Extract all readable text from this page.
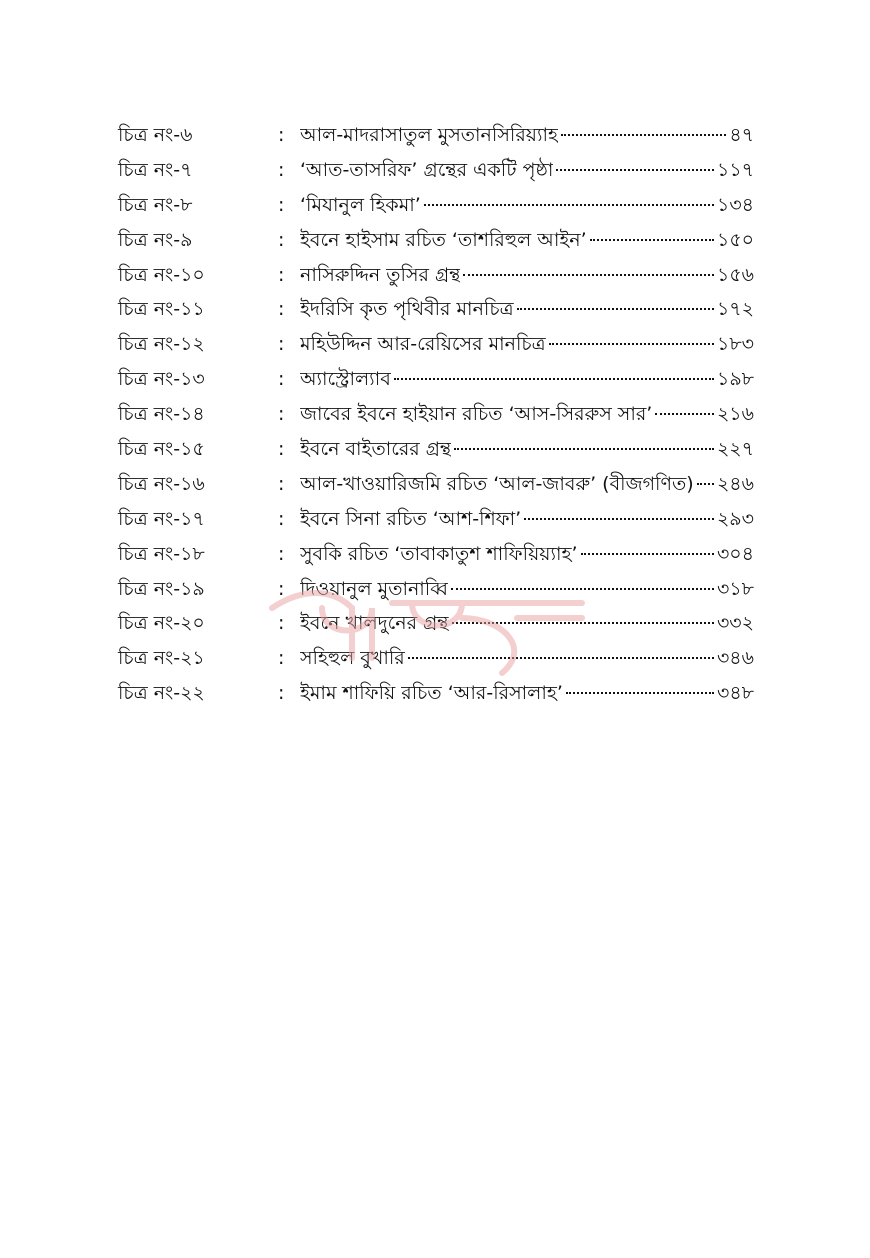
চিত্র নং-৬	: আল-মাদরাসাতুল মুসতানসিরিয়্যাহ	৪৭
চিত্র নং-৭	: ‘আত-তাসরিফ’ গ্রন্থের একটি পৃষ্ঠা	১১৭
চিত্র নং-৮	: ‘মিযানুল হিকমা’	১৩৪
চিত্র নং-৯	: ইবনে হাইসাম রচিত ‘তাশরিহুল আইন’	১৫০
চিত্র নং-১০	: নাসিরুদ্দিন তুসির গ্রন্থ	১৫৬
চিত্র নং-১১	: ইদরিসি কৃত পৃথিবীর মানচিত্র	১৭২
চিত্র নং-১২	: মহিউদ্দিন আর-রেয়িসের মানচিত্র	১৮৩
চিত্র নং-১৩	: অ্যাস্ট্রোল্যাব	১৯৮
চিত্র নং-১৪	: জাবের ইবনে হাইয়ান রচিত ‘আস-সিররুস সার’	২১৬
চিত্র নং-১৫	: ইবনে বাইতারের গ্রন্থ	২২৭
চিত্র নং-১৬	: আল-খাওয়ারিজমি রচিত ‘আল-জাবরু’ (বীজগণিত) ২৪৬
চিত্র নং-১৭	: ইবনে সিনা রচিত ‘আশ-শিফা’	২৯৩
চিত্র নং-১৮	: সুবকি রচিত ‘তাবাকাতুশ শাফিয়িয়্যাহ’	৩০৪
চিত্র নং-১৯	: দিওয়ানুল মুতানাব্বি	৩১৮
চিত্র নং-২০	: ইবনে খালদুনের গ্রন্থ	৩৩২
চিত্র নং-২১	: সহিহুল বুখারি	৩৪৬
চিত্র নং-২২	: ইমাম শাফিয়ি রচিত ‘আর-রিসালাহ’	৩৪৮
